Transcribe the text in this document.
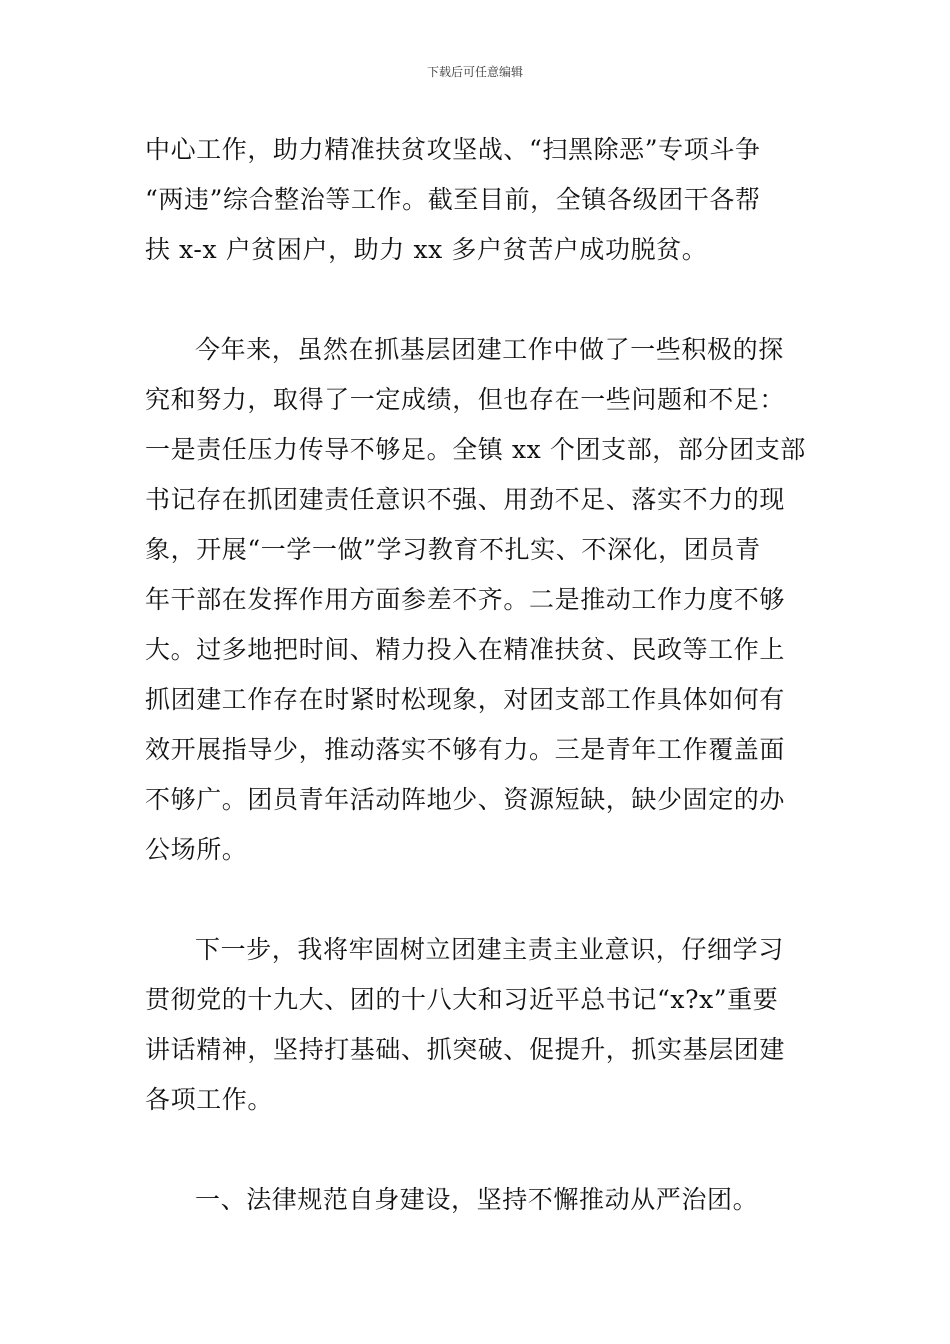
下载后可任意编辑
中心工作，助力精准扶贫攻坚战、“扫黑除恶”专项斗争
“两违”综合整治等工作。截至目前，全镇各级团干各帮
扶 x-x 户贫困户，助力 xx 多户贫苦户成功脱贫。
今年来，虽然在抓基层团建工作中做了一些积极的探
究和努力，取得了一定成绩，但也存在一些问题和不足：
一是责任压力传导不够足。全镇 xx 个团支部，部分团支部
书记存在抓团建责任意识不强、用劲不足、落实不力的现
象，开展“一学一做”学习教育不扎实、不深化，团员青
年干部在发挥作用方面参差不齐。二是推动工作力度不够
大。过多地把时间、精力投入在精准扶贫、民政等工作上
抓团建工作存在时紧时松现象，对团支部工作具体如何有
效开展指导少，推动落实不够有力。三是青年工作覆盖面
不够广。团员青年活动阵地少、资源短缺，缺少固定的办
公场所。
下一步，我将牢固树立团建主责主业意识，仔细学习
贯彻党的十九大、团的十八大和习近平总书记“x?x”重要
讲话精神，坚持打基础、抓突破、促提升，抓实基层团建
各项工作。
一、法律规范自身建设，坚持不懈推动从严治团。
